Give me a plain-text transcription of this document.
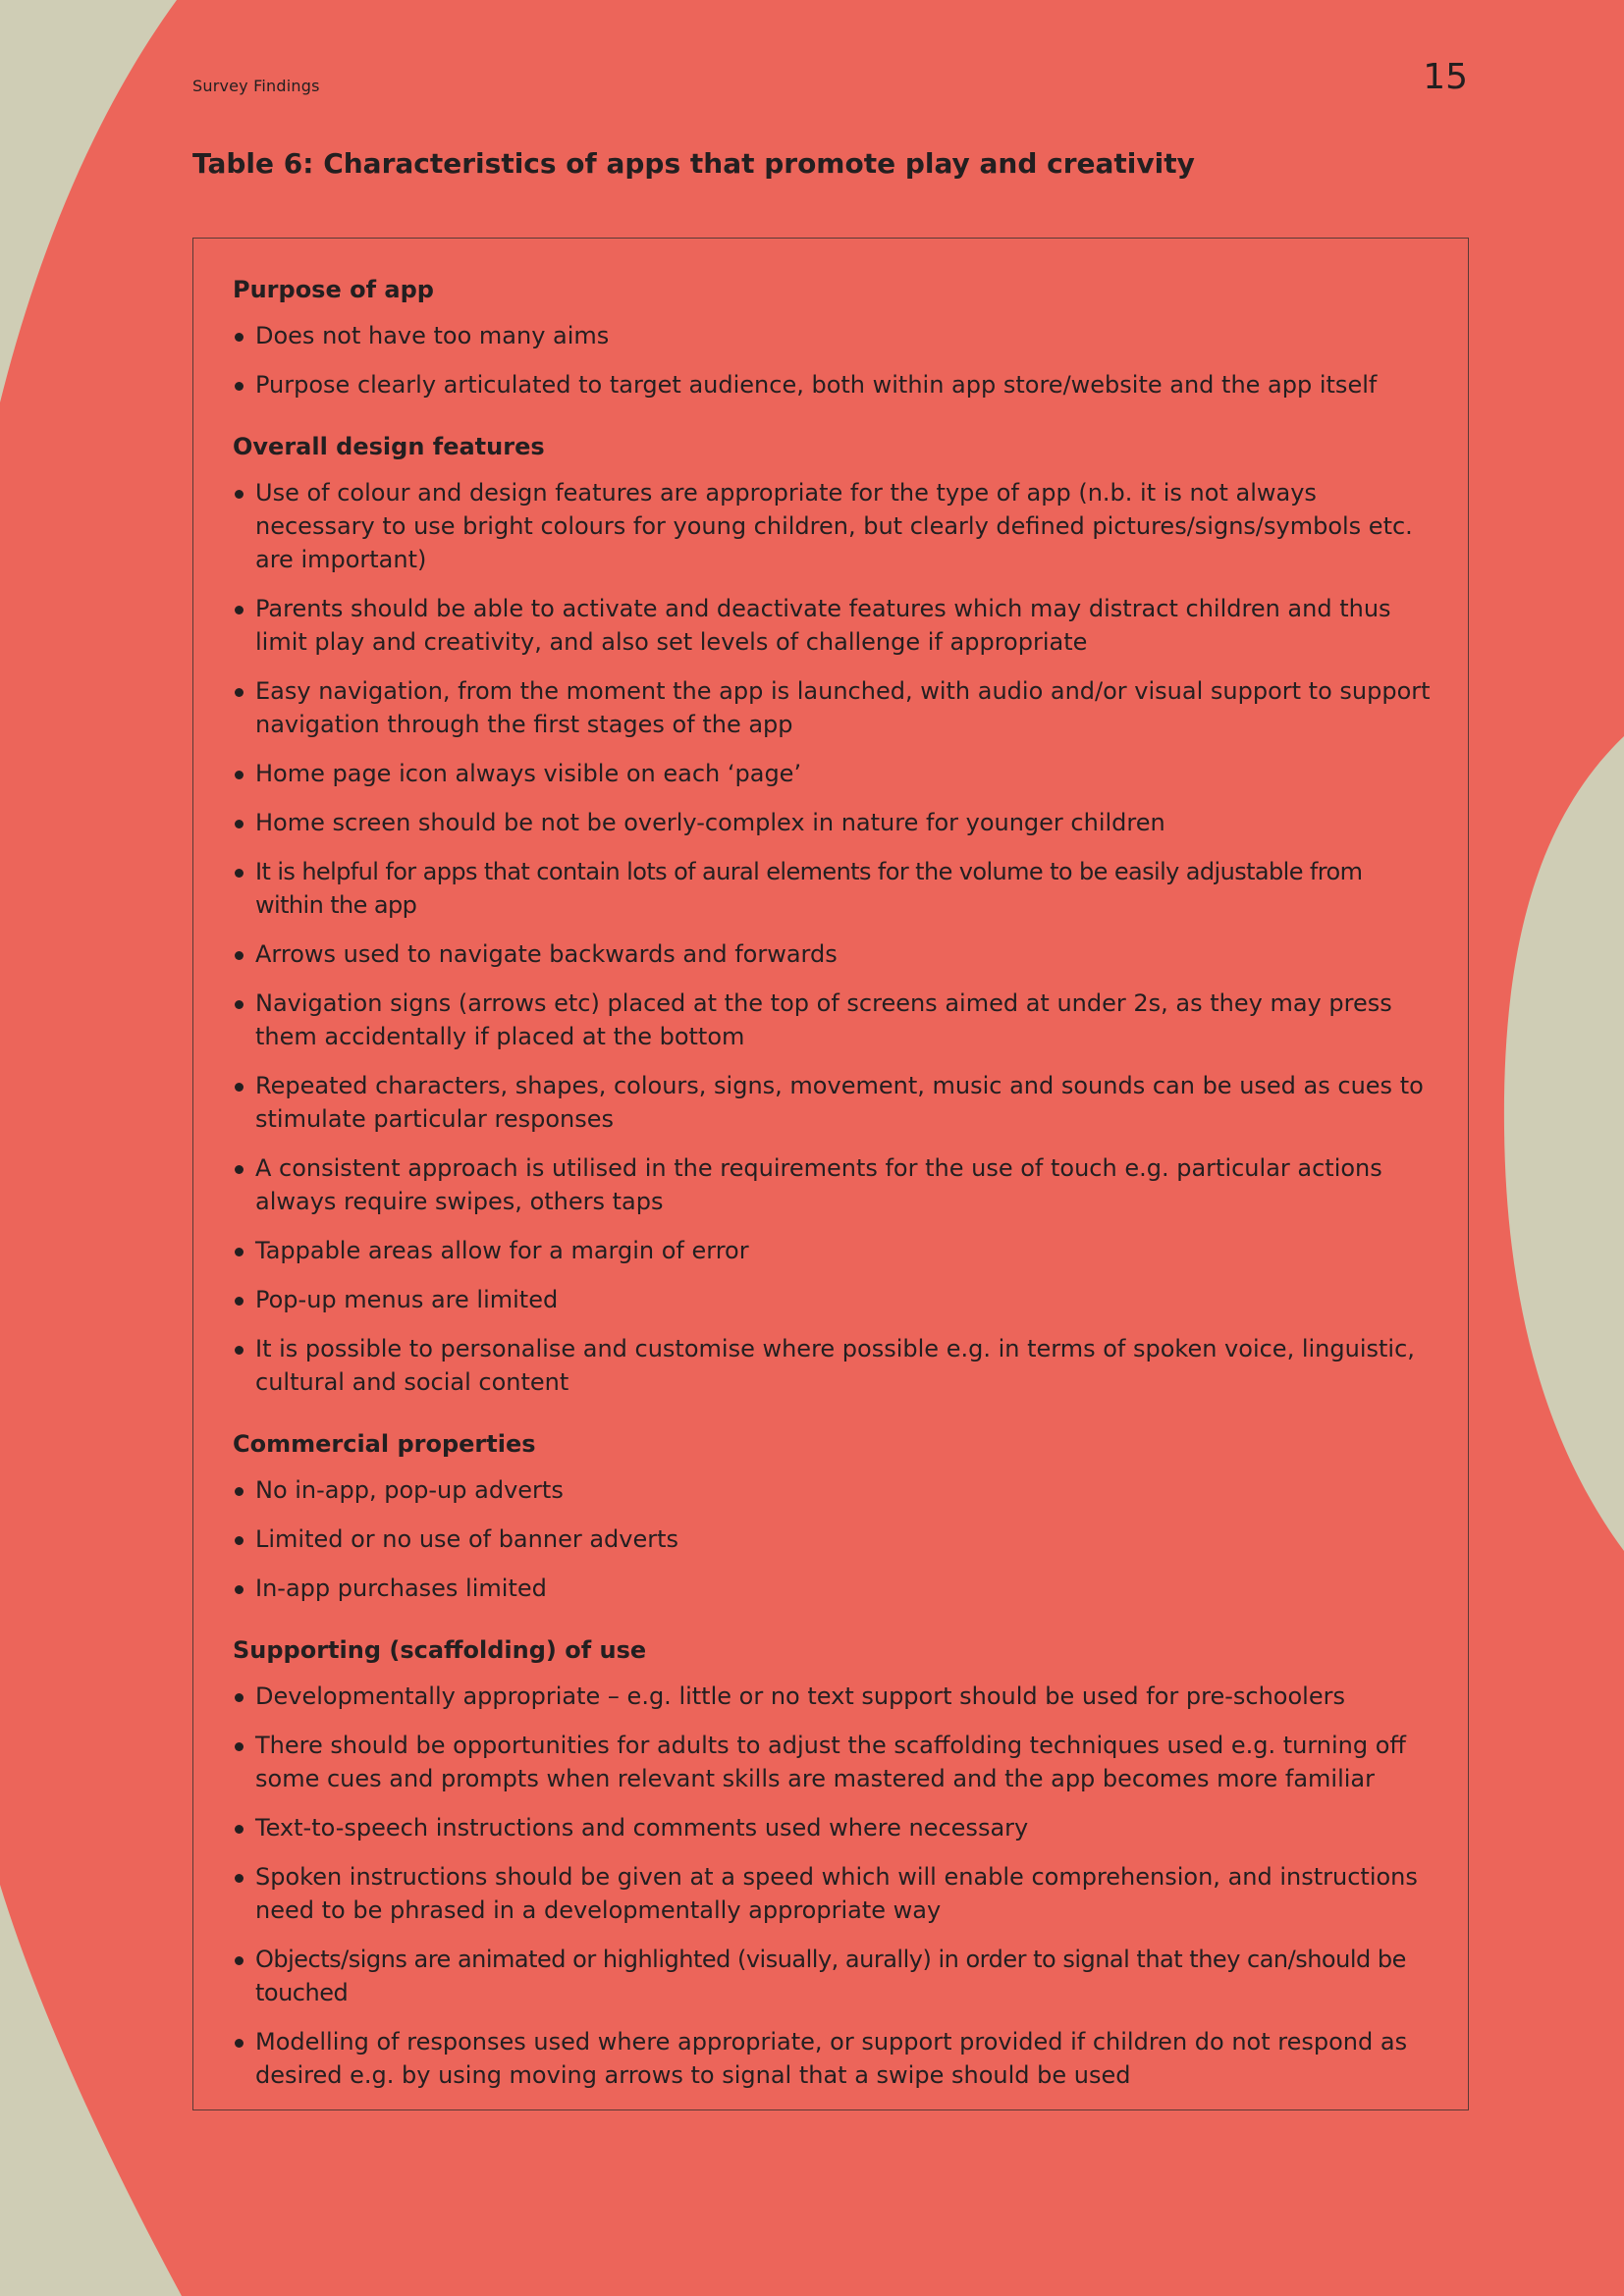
Survey Findings	15
Table 6: Characteristics of apps that promote play and creativity
Purpose of app
Does not have too many aims
Purpose clearly articulated to target audience, both within app store/website and the app itself
Overall design features
Use of colour and design features are appropriate for the type of app (n.b. it is not always necessary to use bright colours for young children, but clearly defined pictures/signs/symbols etc. are important)
Parents should be able to activate and deactivate features which may distract children and thus limit play and creativity, and also set levels of challenge if appropriate
Easy navigation, from the moment the app is launched, with audio and/or visual support to support navigation through the first stages of the app
Home page icon always visible on each ‘page’
Home screen should be not be overly-complex in nature for younger children
It is helpful for apps that contain lots of aural elements for the volume to be easily adjustable from within the app
Arrows used to navigate backwards and forwards
Navigation signs (arrows etc) placed at the top of screens aimed at under 2s, as they may press them accidentally if placed at the bottom
Repeated characters, shapes, colours, signs, movement, music and sounds can be used as cues to stimulate particular responses
A consistent approach is utilised in the requirements for the use of touch e.g. particular actions always require swipes, others taps
Tappable areas allow for a margin of error
Pop-up menus are limited
It is possible to personalise and customise where possible e.g. in terms of spoken voice, linguistic, cultural and social content
Commercial properties
No in-app, pop-up adverts
Limited or no use of banner adverts
In-app purchases limited
Supporting (scaffolding) of use
Developmentally appropriate – e.g. little or no text support should be used for pre-schoolers
There should be opportunities for adults to adjust the scaffolding techniques used e.g. turning off some cues and prompts when relevant skills are mastered and the app becomes more familiar
Text-to-speech instructions and comments used where necessary
Spoken instructions should be given at a speed which will enable comprehension, and instructions need to be phrased in a developmentally appropriate way
Objects/signs are animated or highlighted (visually, aurally) in order to signal that they can/should be touched
Modelling of responses used where appropriate, or support provided if children do not respond as desired e.g. by using moving arrows to signal that a swipe should be used
